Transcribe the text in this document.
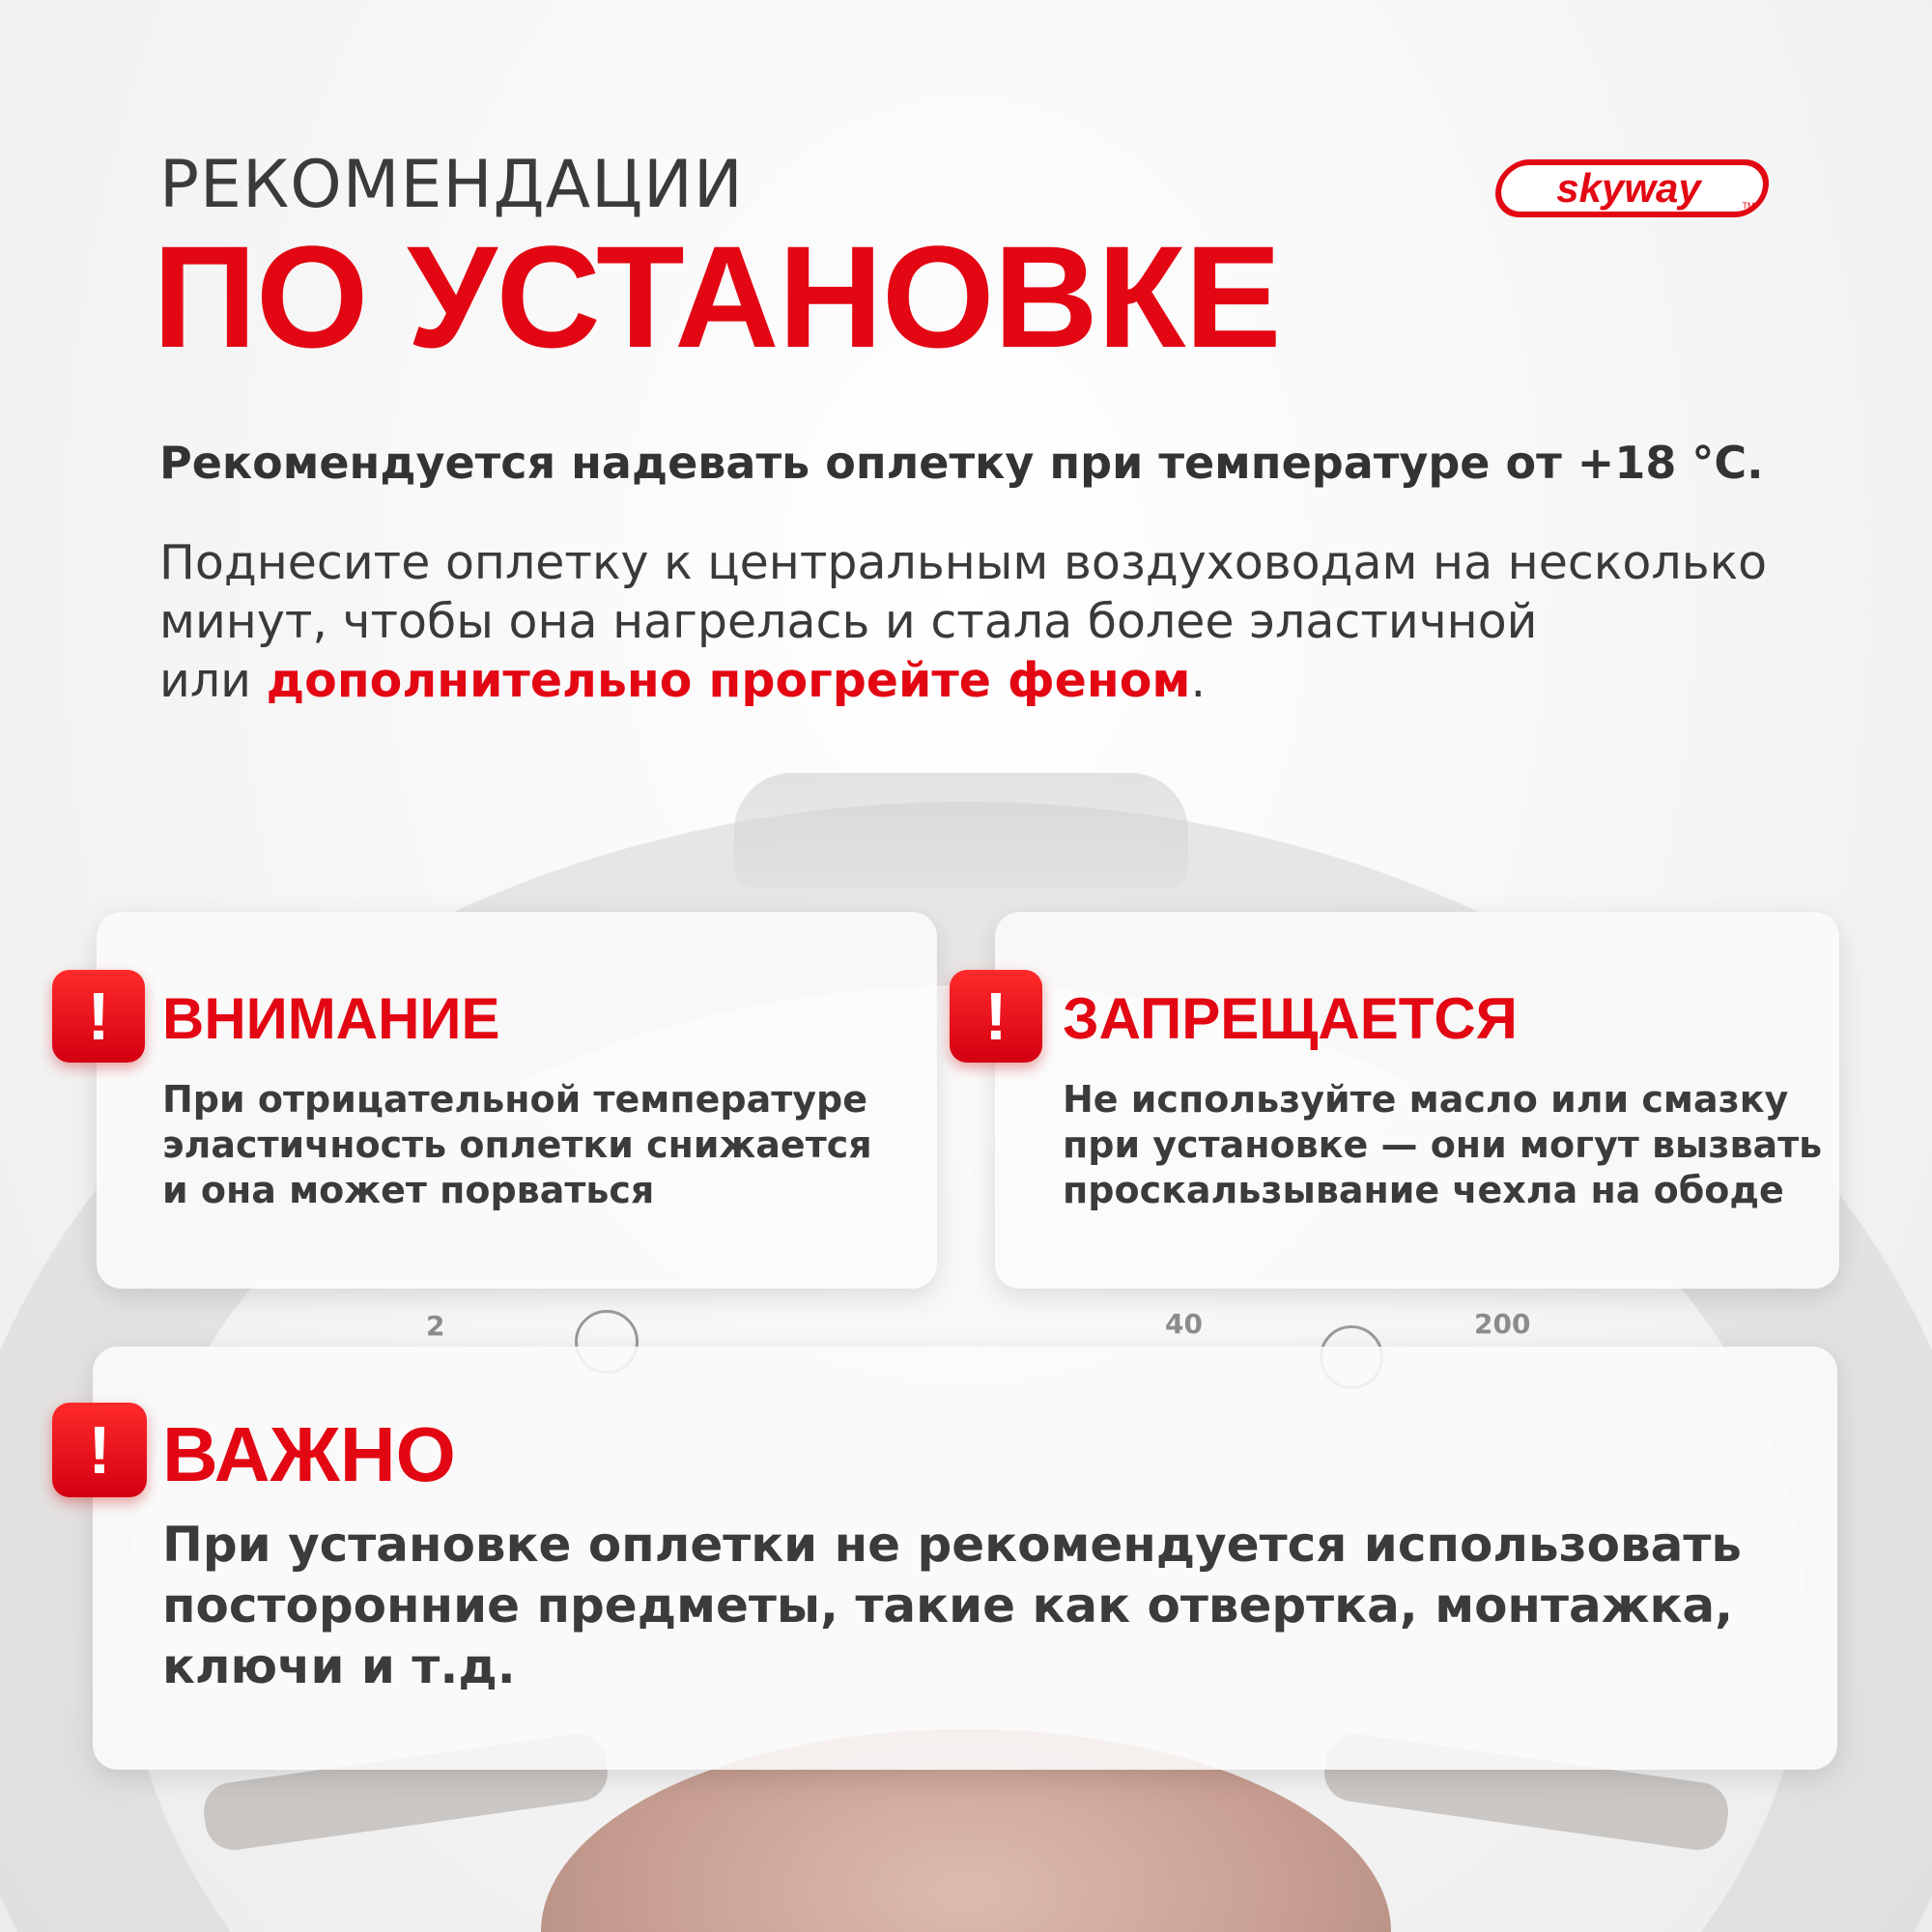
2	40	200
skyway	TM
РЕКОМЕНДАЦИИ
ПО УСТАНОВКЕ
Рекомендуется надевать оплетку при температуре от +18 °C.
Поднесите оплетку к центральным воздуховодам на несколько
минут, чтобы она нагрелась и стала более эластичной
или дополнительно прогрейте феном.
! ВНИМАНИЕ
При отрицательной температуре
эластичность оплетки снижается
и она может порваться
! ЗАПРЕЩАЕТСЯ
Не используйте масло или смазку
при установке — они могут вызвать
проскальзывание чехла на ободе
! ВАЖНО
При установке оплетки не рекомендуется использовать
посторонние предметы, такие как отвертка, монтажка,
ключи и т.д.
